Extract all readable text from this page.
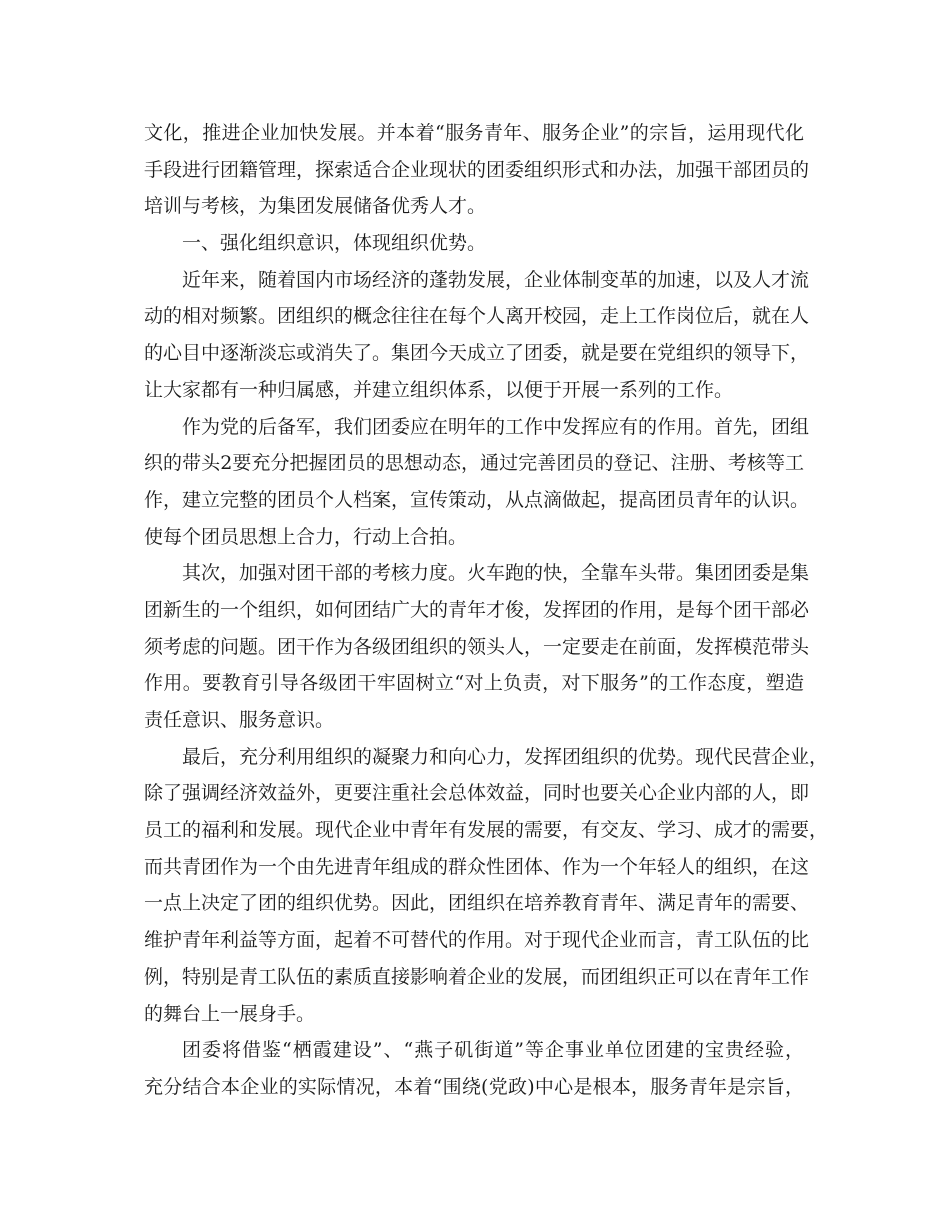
文化，推进企业加快发展。并本着“服务青年、服务企业”的宗旨，运用现代化
手段进行团籍管理，探索适合企业现状的团委组织形式和办法，加强干部团员的
培训与考核，为集团发展储备优秀人才。
一、强化组织意识，体现组织优势。
近年来，随着国内市场经济的蓬勃发展，企业体制变革的加速，以及人才流
动的相对频繁。团组织的概念往往在每个人离开校园，走上工作岗位后，就在人
的心目中逐渐淡忘或消失了。集团今天成立了团委，就是要在党组织的领导下，
让大家都有一种归属感，并建立组织体系，以便于开展一系列的工作。
作为党的后备军，我们团委应在明年的工作中发挥应有的作用。首先，团组
织的带头2要充分把握团员的思想动态，通过完善团员的登记、注册、考核等工
作，建立完整的团员个人档案，宣传策动，从点滴做起，提高团员青年的认识。
使每个团员思想上合力，行动上合拍。
其次，加强对团干部的考核力度。火车跑的快，全靠车头带。集团团委是集
团新生的一个组织，如何团结广大的青年才俊，发挥团的作用，是每个团干部必
须考虑的问题。团干作为各级团组织的领头人，一定要走在前面，发挥模范带头
作用。要教育引导各级团干牢固树立“对上负责，对下服务”的工作态度，塑造
责任意识、服务意识。
最后，充分利用组织的凝聚力和向心力，发挥团组织的优势。现代民营企业，
除了强调经济效益外，更要注重社会总体效益，同时也要关心企业内部的人，即
员工的福利和发展。现代企业中青年有发展的需要，有交友、学习、成才的需要，
而共青团作为一个由先进青年组成的群众性团体、作为一个年轻人的组织，在这
一点上决定了团的组织优势。因此，团组织在培养教育青年、满足青年的需要、
维护青年利益等方面，起着不可替代的作用。对于现代企业而言，青工队伍的比
例，特别是青工队伍的素质直接影响着企业的发展，而团组织正可以在青年工作
的舞台上一展身手。
团委将借鉴“栖霞建设”、“燕子矶街道”等企事业单位团建的宝贵经验，
充分结合本企业的实际情况，本着“围绕(党政)中心是根本，服务青年是宗旨，
